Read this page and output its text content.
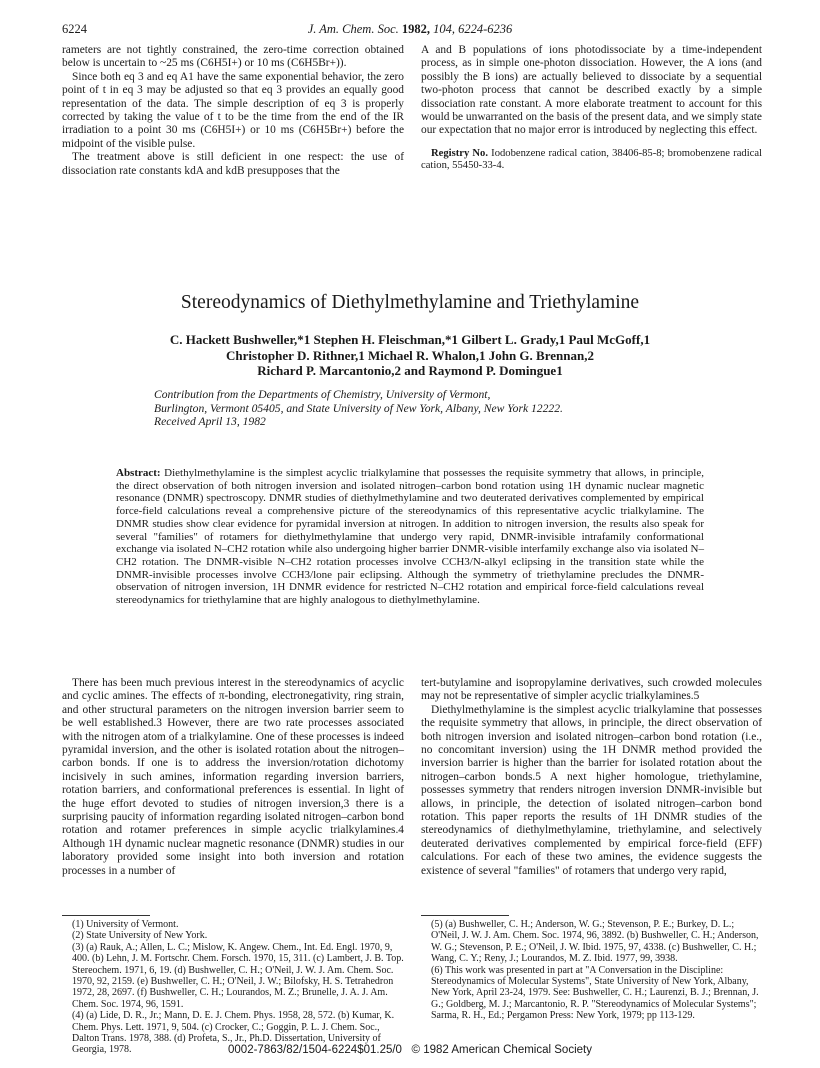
6224	J. Am. Chem. Soc. 1982, 104, 6224-6236

rameters are not tightly constrained, the zero-time correction obtained below is uncertain to ~25 ms (C6H5I+) or 10 ms (C6H5Br+)).

Since both eq 3 and eq A1 have the same exponential behavior, the zero point of t in eq 3 may be adjusted so that eq 3 provides an equally good representation of the data. The simple description of eq 3 is properly corrected by taking the value of t to be the time from the end of the IR irradiation to a point 30 ms (C6H5I+) or 10 ms (C6H5Br+) before the midpoint of the visible pulse.

The treatment above is still deficient in one respect: the use of dissociation rate constants kdA and kdB presupposes that the

A and B populations of ions photodissociate by a time-independent process, as in simple one-photon dissociation. However, the A ions (and possibly the B ions) are actually believed to dissociate by a sequential two-photon process that cannot be described exactly by a simple dissociation rate constant. A more elaborate treatment to account for this would be unwarranted on the basis of the present data, and we simply state our expectation that no major error is introduced by neglecting this effect.

Registry No. Iodobenzene radical cation, 38406-85-8; bromobenzene radical cation, 55450-33-4.

Stereodynamics of Diethylmethylamine and Triethylamine
C. Hackett Bushweller,*1 Stephen H. Fleischman,*1 Gilbert L. Grady,1 Paul McGoff,1
Christopher D. Rithner,1 Michael R. Whalon,1 John G. Brennan,2
Richard P. Marcantonio,2 and Raymond P. Domingue1
Contribution from the Departments of Chemistry, University of Vermont,
Burlington, Vermont 05405, and State University of New York, Albany, New York 12222.
Received April 13, 1982
Abstract: Diethylmethylamine is the simplest acyclic trialkylamine that possesses the requisite symmetry that allows, in principle, the direct observation of both nitrogen inversion and isolated nitrogen–carbon bond rotation using 1H dynamic nuclear magnetic resonance (DNMR) spectroscopy. DNMR studies of diethylmethylamine and two deuterated derivatives complemented by empirical force-field calculations reveal a comprehensive picture of the stereodynamics of this representative acyclic trialkylamine. The DNMR studies show clear evidence for pyramidal inversion at nitrogen. In addition to nitrogen inversion, the results also speak for several "families" of rotamers for diethylmethylamine that undergo very rapid, DNMR-invisible intrafamily conformational exchange via isolated N–CH2 rotation while also undergoing higher barrier DNMR-visible interfamily exchange also via isolated N–CH2 rotation. The DNMR-visible N–CH2 rotation processes involve CCH3/N-alkyl eclipsing in the transition state while the DNMR-invisible processes involve CCH3/lone pair eclipsing. Although the symmetry of triethylamine precludes the DNMR-observation of nitrogen inversion, 1H DNMR evidence for restricted N–CH2 rotation and empirical force-field calculations reveal stereodynamics for triethylamine that are highly analogous to diethylmethylamine.

There has been much previous interest in the stereodynamics of acyclic and cyclic amines. The effects of π-bonding, electronegativity, ring strain, and other structural parameters on the nitrogen inversion barrier seem to be well established.3 However, there are two rate processes associated with the nitrogen atom of a trialkylamine. One of these processes is indeed pyramidal inversion, and the other is isolated rotation about the nitrogen–carbon bonds. If one is to address the inversion/rotation dichotomy incisively in such amines, information regarding inversion barriers, rotation barriers, and conformational preferences is essential. In light of the huge effort devoted to studies of nitrogen inversion,3 there is a surprising paucity of information regarding isolated nitrogen–carbon bond rotation and rotamer preferences in simple acyclic trialkylamines.4 Although 1H dynamic nuclear magnetic resonance (DNMR) studies in our laboratory provided some insight into both inversion and rotation processes in a number of

tert-butylamine and isopropylamine derivatives, such crowded molecules may not be representative of simpler acyclic trialkylamines.5

Diethylmethylamine is the simplest acyclic trialkylamine that possesses the requisite symmetry that allows, in principle, the direct observation of both nitrogen inversion and isolated nitrogen–carbon bond rotation (i.e., no concomitant inversion) using the 1H DNMR method provided the inversion barrier is higher than the barrier for isolated rotation about the nitrogen–carbon bonds.5 A next higher homologue, triethylamine, possesses symmetry that renders nitrogen inversion DNMR-invisible but allows, in principle, the detection of isolated nitrogen–carbon bond rotation. This paper reports the results of 1H DNMR studies of the stereodynamics of diethylmethylamine, triethylamine, and selectively deuterated derivatives complemented by empirical force-field (EFF) calculations. For each of these two amines, the evidence suggests the existence of several "families" of rotamers that undergo very rapid,

(1) University of Vermont.

(2) State University of New York.

(3) (a) Rauk, A.; Allen, L. C.; Mislow, K. Angew. Chem., Int. Ed. Engl. 1970, 9, 400. (b) Lehn, J. M. Fortschr. Chem. Forsch. 1970, 15, 311. (c) Lambert, J. B. Top. Stereochem. 1971, 6, 19. (d) Bushweller, C. H.; O'Neil, J. W. J. Am. Chem. Soc. 1970, 92, 2159. (e) Bushweller, C. H.; O'Neil, J. W.; Bilofsky, H. S. Tetrahedron 1972, 28, 2697. (f) Bushweller, C. H.; Lourandos, M. Z.; Brunelle, J. A. J. Am. Chem. Soc. 1974, 96, 1591.

(4) (a) Lide, D. R., Jr.; Mann, D. E. J. Chem. Phys. 1958, 28, 572. (b) Kumar, K. Chem. Phys. Lett. 1971, 9, 504. (c) Crocker, C.; Goggin, P. L. J. Chem. Soc., Dalton Trans. 1978, 388. (d) Profeta, S., Jr., Ph.D. Dissertation, University of Georgia, 1978.

(5) (a) Bushweller, C. H.; Anderson, W. G.; Stevenson, P. E.; Burkey, D. L.; O'Neil, J. W. J. Am. Chem. Soc. 1974, 96, 3892. (b) Bushweller, C. H.; Anderson, W. G.; Stevenson, P. E.; O'Neil, J. W. Ibid. 1975, 97, 4338. (c) Bushweller, C. H.; Wang, C. Y.; Reny, J.; Lourandos, M. Z. Ibid. 1977, 99, 3938.

(6) This work was presented in part at "A Conversation in the Discipline: Stereodynamics of Molecular Systems", State University of New York, Albany, New York, April 23-24, 1979. See: Bushweller, C. H.; Laurenzi, B. J.; Brennan, J. G.; Goldberg, M. J.; Marcantonio, R. P. "Stereodynamics of Molecular Systems"; Sarma, R. H., Ed.; Pergamon Press: New York, 1979; pp 113-129.

0002-7863/82/1504-6224$01.25/0 © 1982 American Chemical Society
